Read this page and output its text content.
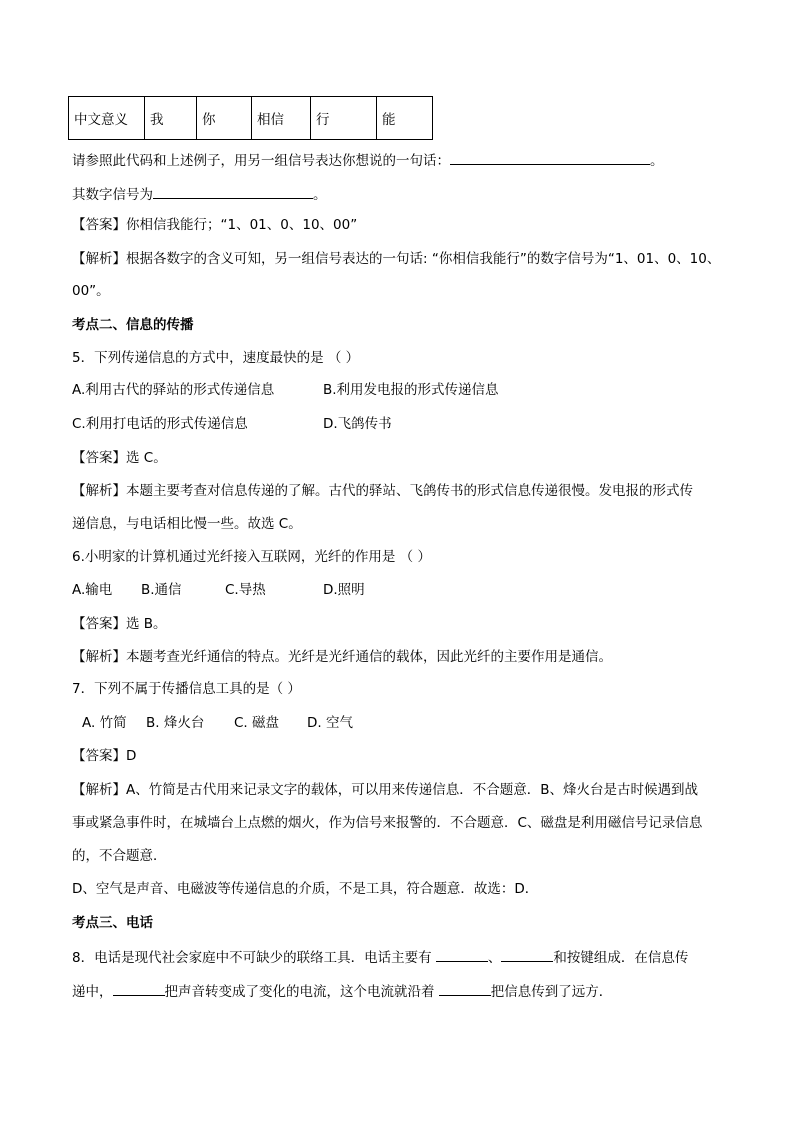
中文意义	我	你	相信	行	能
请参照此代码和上述例子，用另一组信号表达你想说的一句话：	。
其数字信号为	。
【答案】你相信我能行；“1、01、0、10、00”
【解析】根据各数字的含义可知，另一组信号表达的一句话: “你相信我能行”的数字信号为“1、01、0、10、
00”。
考点二、信息的传播
5．下列传递信息的方式中，速度最快的是 （ ）
A.利用古代的驿站的形式传递信息	B.利用发电报的形式传递信息
C.利用打电话的形式传递信息	D.飞鸽传书
【答案】选 C。
【解析】本题主要考查对信息传递的了解。古代的驿站、飞鸽传书的形式信息传递很慢。发电报的形式传
递信息，与电话相比慢一些。故选 C。
6.小明家的计算机通过光纤接入互联网，光纤的作用是 （ ）
A.输电 B.通信	C.导热	D.照明
【答案】选 B。
【解析】本题考查光纤通信的特点。光纤是光纤通信的载体，因此光纤的主要作用是通信。
7．下列不属于传播信息工具的是（ ）
A. 竹简 B. 烽火台 C. 磁盘 D. 空气
【答案】D
【解析】A、竹简是古代用来记录文字的载体，可以用来传递信息．不合题意．B、烽火台是古时候遇到战
事或紧急事件时，在城墙台上点燃的烟火，作为信号来报警的．不合题意．C、磁盘是利用磁信号记录信息
的，不合题意．
D、空气是声音、电磁波等传递信息的介质，不是工具，符合题意．故选：D．
考点三、电话
8．电话是现代社会家庭中不可缺少的联络工具．电话主要有	、	和按键组成．在信息传
递中，	把声音转变成了变化的电流，这个电流就沿着	把信息传到了远方．
